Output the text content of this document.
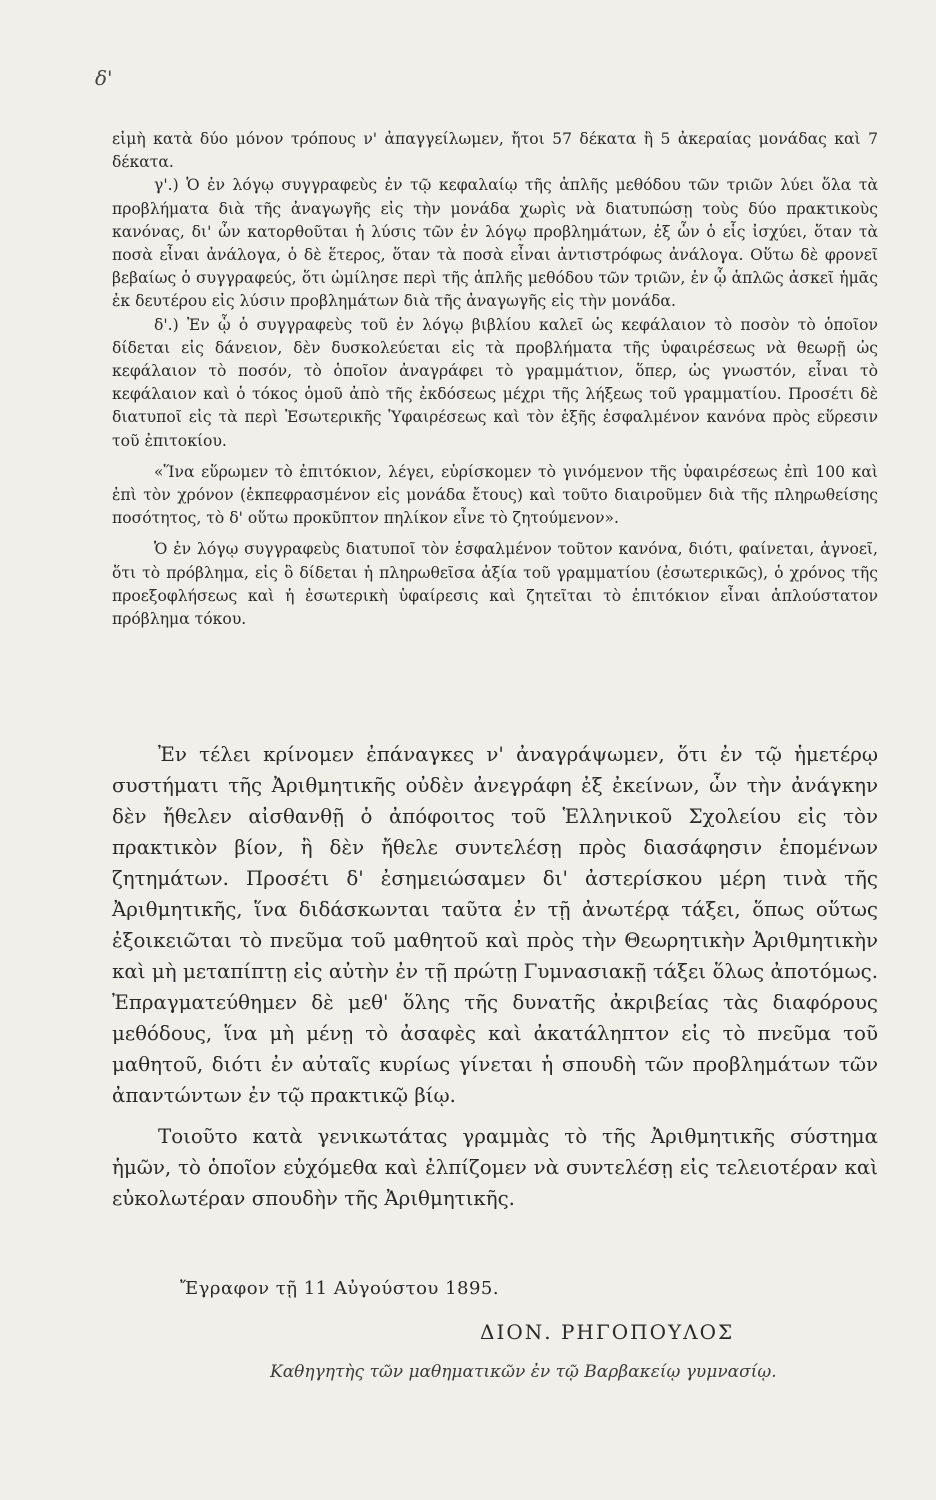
δ'

εἰμὴ κατὰ δύο μόνον τρόπους ν' ἀπαγγείλωμεν, ἤτοι 57 δέκατα ἢ 5 ἀκεραίας μονάδας καὶ 7 δέκατα.

γ'.) Ὁ ἐν λόγῳ συγγραφεὺς ἐν τῷ κεφαλαίῳ τῆς ἁπλῆς μεθόδου τῶν τριῶν λύει ὅλα τὰ προβλήματα διὰ τῆς ἀναγωγῆς εἰς τὴν μονάδα χωρὶς νὰ διατυπώσῃ τοὺς δύο πρακτικοὺς κανόνας, δι' ὧν κατορθοῦται ἡ λύσις τῶν ἐν λόγῳ προβλημάτων, ἐξ ὧν ὁ εἷς ἰσχύει, ὅταν τὰ ποσὰ εἶναι ἀνάλογα, ὁ δὲ ἕτερος, ὅταν τὰ ποσὰ εἶναι ἀντιστρόφως ἀνάλογα. Οὕτω δὲ φρονεῖ βεβαίως ὁ συγγραφεύς, ὅτι ὡμίλησε περὶ τῆς ἁπλῆς μεθόδου τῶν τριῶν, ἐν ᾧ ἁπλῶς ἀσκεῖ ἡμᾶς ἐκ δευτέρου εἰς λύσιν προβλημάτων διὰ τῆς ἀναγωγῆς εἰς τὴν μονάδα.

δ'.) Ἐν ᾧ ὁ συγγραφεὺς τοῦ ἐν λόγῳ βιβλίου καλεῖ ὡς κεφάλαιον τὸ ποσὸν τὸ ὁποῖον δίδεται εἰς δάνειον, δὲν δυσκολεύεται εἰς τὰ προβλήματα τῆς ὑφαιρέσεως νὰ θεωρῇ ὡς κεφάλαιον τὸ ποσόν, τὸ ὁποῖον ἀναγράφει τὸ γραμμάτιον, ὅπερ, ὡς γνωστόν, εἶναι τὸ κεφάλαιον καὶ ὁ τόκος ὁμοῦ ἀπὸ τῆς ἐκδόσεως μέχρι τῆς λήξεως τοῦ γραμματίου. Προσέτι δὲ διατυποῖ εἰς τὰ περὶ Ἐσωτερικῆς Ὑφαιρέσεως καὶ τὸν ἑξῆς ἐσφαλμένον κανόνα πρὸς εὕρεσιν τοῦ ἐπιτοκίου.

«Ἵνα εὕρωμεν τὸ ἐπιτόκιον, λέγει, εὑρίσκομεν τὸ γινόμενον τῆς ὑφαιρέσεως ἐπὶ 100 καὶ ἐπὶ τὸν χρόνον (ἐκπεφρασμένον εἰς μονάδα ἔτους) καὶ τοῦτο διαιροῦμεν διὰ τῆς πληρωθείσης ποσότητος, τὸ δ' οὕτω προκῦπτον πηλίκον εἶνε τὸ ζητούμενον».

Ὁ ἐν λόγῳ συγγραφεὺς διατυποῖ τὸν ἐσφαλμένον τοῦτον κανόνα, διότι, φαίνεται, ἀγνοεῖ, ὅτι τὸ πρόβλημα, εἰς ὃ δίδεται ἡ πληρωθεῖσα ἀξία τοῦ γραμματίου (ἐσωτερικῶς), ὁ χρόνος τῆς προεξοφλήσεως καὶ ἡ ἐσωτερικὴ ὑφαίρεσις καὶ ζητεῖται τὸ ἐπιτόκιον εἶναι ἁπλούστατον πρόβλημα τόκου.

Ἐν τέλει κρίνομεν ἐπάναγκες ν' ἀναγράψωμεν, ὅτι ἐν τῷ ἡμετέρῳ συστήματι τῆς Ἀριθμητικῆς οὐδὲν ἀνεγράφη ἐξ ἐκείνων, ὧν τὴν ἀνάγκην δὲν ἤθελεν αἰσθανθῇ ὁ ἀπόφοιτος τοῦ Ἑλληνικοῦ Σχολείου εἰς τὸν πρακτικὸν βίον, ἢ δὲν ἤθελε συντελέσῃ πρὸς διασάφησιν ἑπομένων ζητημάτων. Προσέτι δ' ἐσημειώσαμεν δι' ἀστερίσκου μέρη τινὰ τῆς Ἀριθμητικῆς, ἵνα διδάσκωνται ταῦτα ἐν τῇ ἀνωτέρᾳ τάξει, ὅπως οὕτως ἐξοικειῶται τὸ πνεῦμα τοῦ μαθητοῦ καὶ πρὸς τὴν Θεωρητικὴν Ἀριθμητικὴν καὶ μὴ μεταπίπτῃ εἰς αὐτὴν ἐν τῇ πρώτῃ Γυμνασιακῇ τάξει ὅλως ἀποτόμως. Ἐπραγματεύθημεν δὲ μεθ' ὅλης τῆς δυνατῆς ἀκριβείας τὰς διαφόρους μεθόδους, ἵνα μὴ μένῃ τὸ ἀσαφὲς καὶ ἀκατάληπτον εἰς τὸ πνεῦμα τοῦ μαθητοῦ, διότι ἐν αὐταῖς κυρίως γίνεται ἡ σπουδὴ τῶν προβλημάτων τῶν ἀπαντώντων ἐν τῷ πρακτικῷ βίῳ.

Τοιοῦτο κατὰ γενικωτάτας γραμμὰς τὸ τῆς Ἀριθμητικῆς σύστημα ἡμῶν, τὸ ὁποῖον εὐχόμεθα καὶ ἐλπίζομεν νὰ συντελέσῃ εἰς τελειοτέραν καὶ εὐκολωτέραν σπουδὴν τῆς Ἀριθμητικῆς.

Ἔγραφον τῇ 11 Αὐγούστου 1895.
ΔΙΟΝ. ΡΗΓΟΠΟΥΛΟΣ
Καθηγητὴς τῶν μαθηματικῶν ἐν τῷ Βαρβακείῳ γυμνασίῳ.
